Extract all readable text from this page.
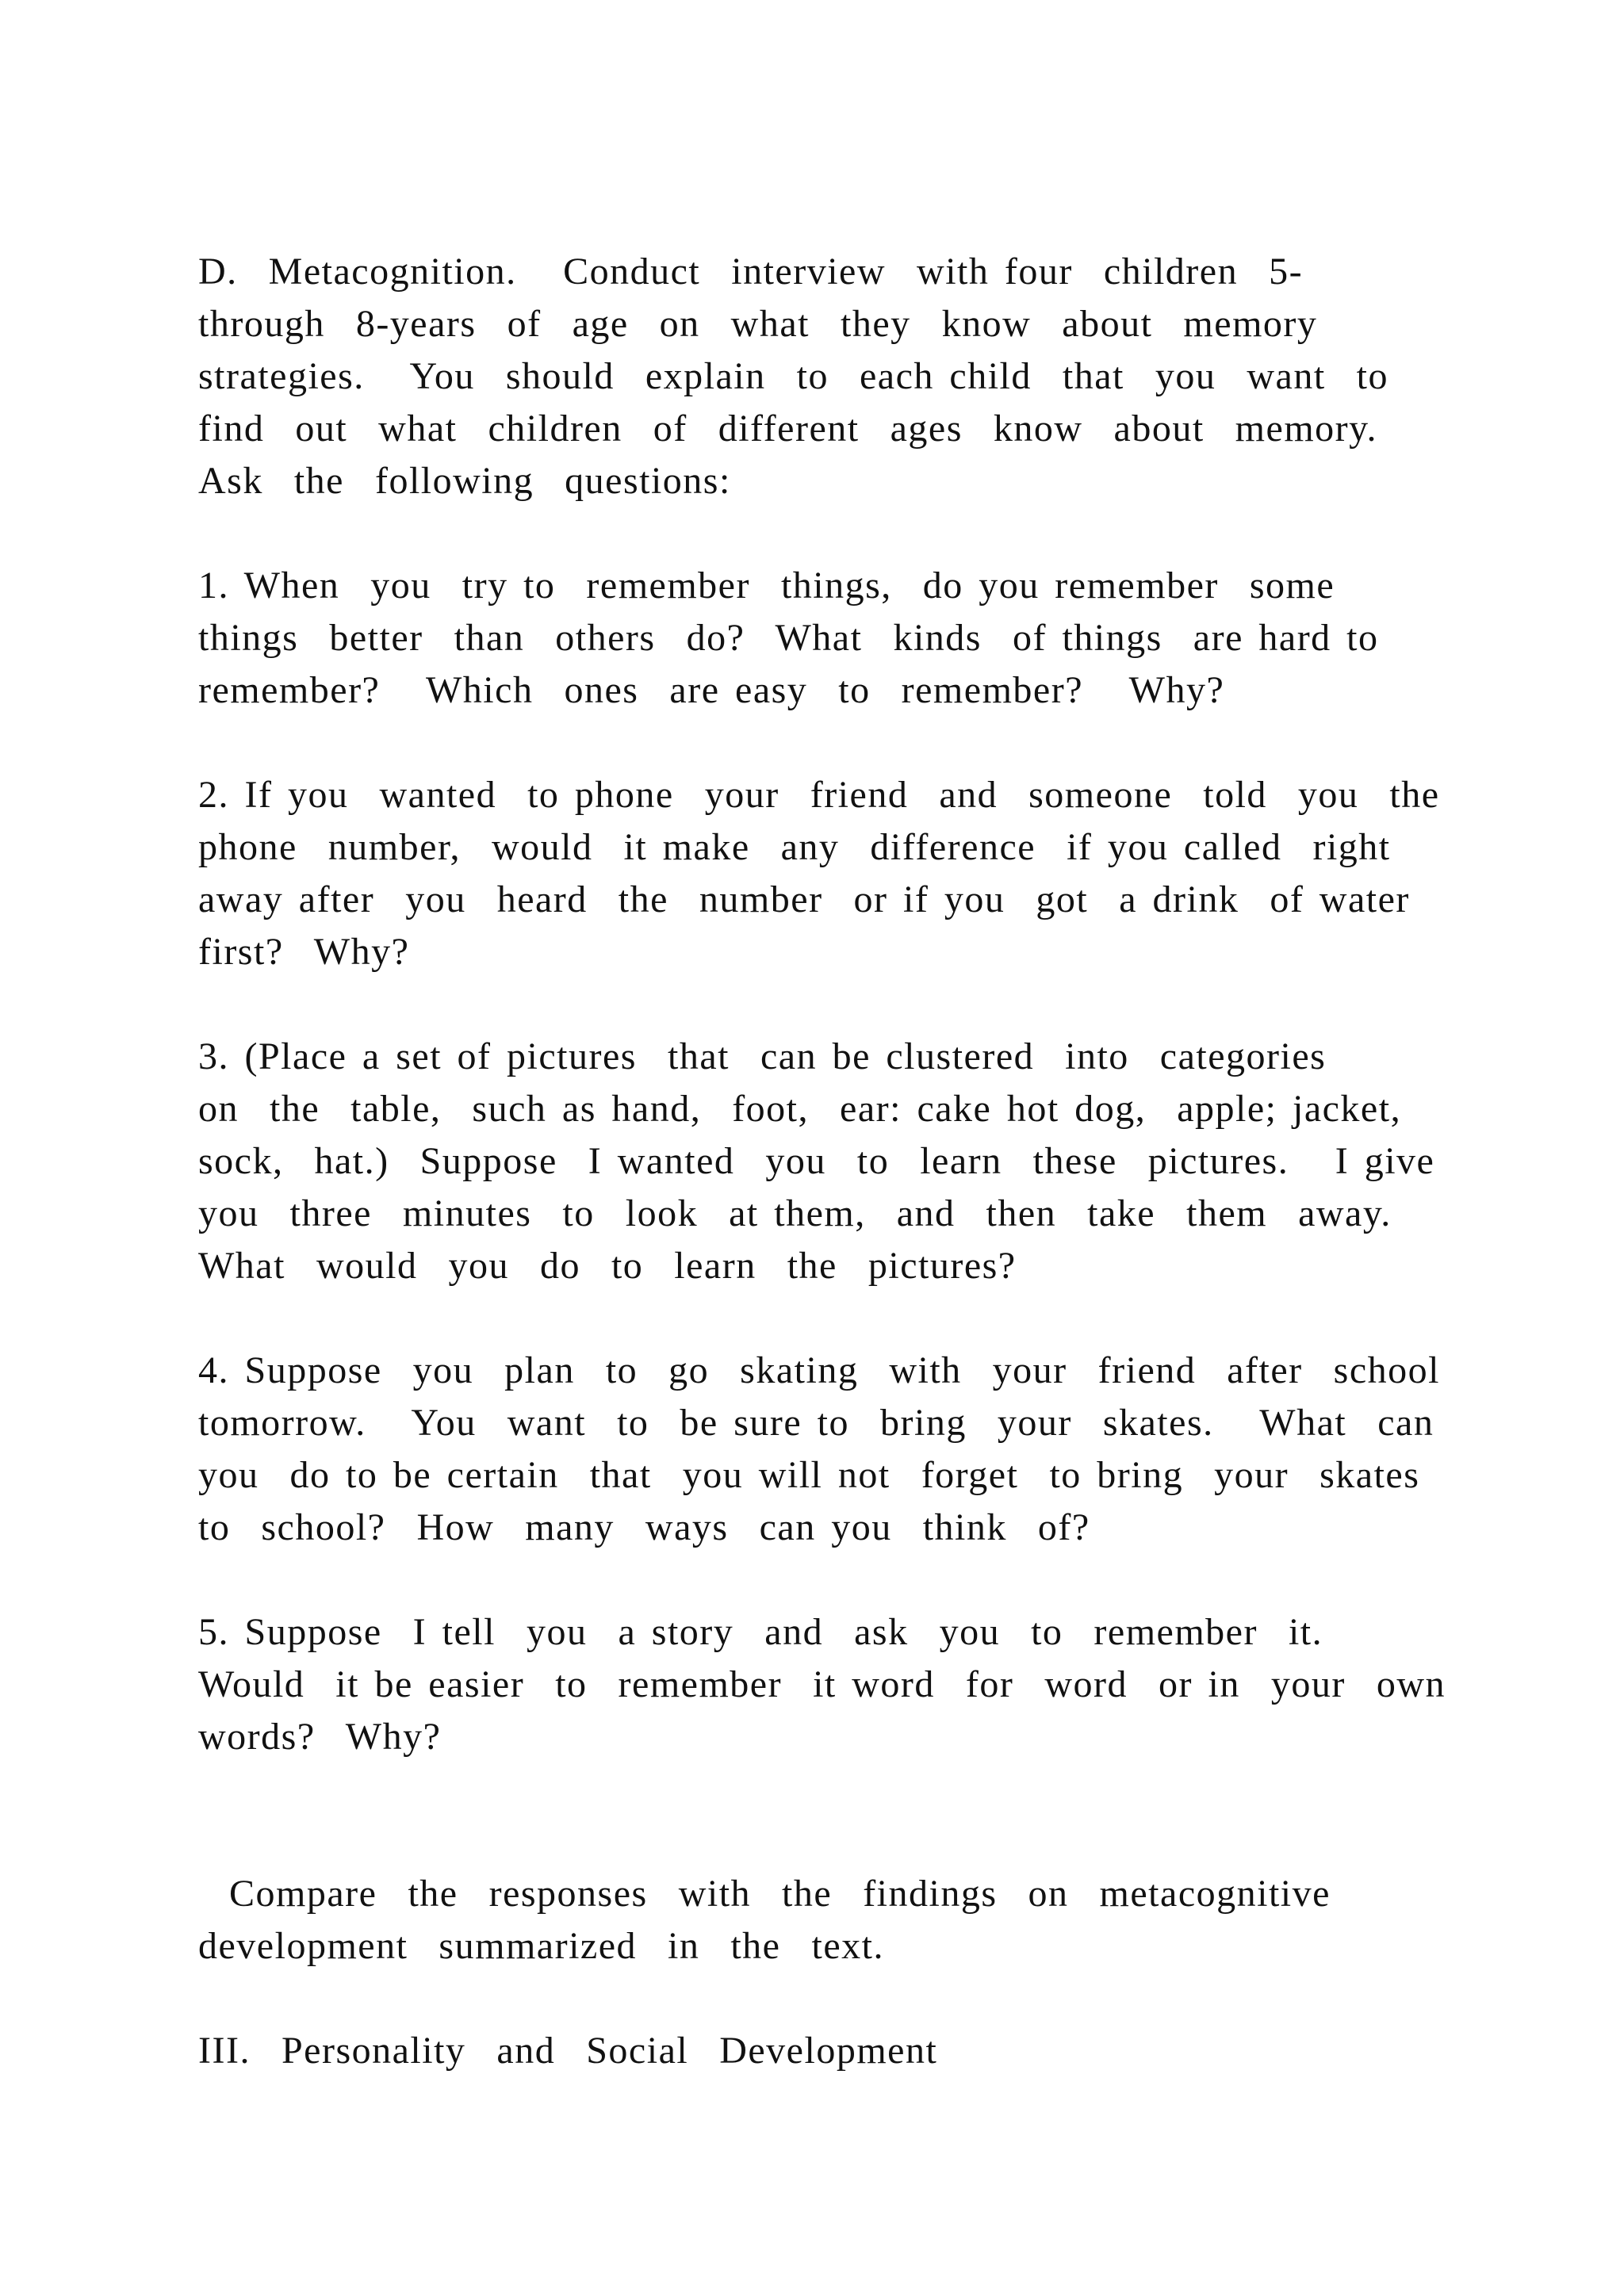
D.  Metacognition.   Conduct  interview  with four  children  5-
through  8-years  of  age  on  what  they  know  about  memory
strategies.   You  should  explain  to  each child  that  you  want  to
find  out  what  children  of  different  ages  know  about  memory.
Ask  the  following  questions:

1. When  you  try to  remember  things,  do you remember  some
things  better  than  others  do?  What  kinds  of things  are hard to
remember?   Which  ones  are easy  to  remember?   Why?

2. If you  wanted  to phone  your  friend  and  someone  told  you  the
phone  number,  would  it make  any  difference  if you called  right
away after  you  heard  the  number  or if you  got  a drink  of water
first?  Why?

3. (Place a set of pictures  that  can be clustered  into  categories
on  the  table,  such as hand,  foot,  ear: cake hot dog,  apple; jacket,
sock,  hat.)  Suppose  I wanted  you  to  learn  these  pictures.   I give
you  three  minutes  to  look  at them,  and  then  take  them  away.
What  would  you  do  to  learn  the  pictures?

4. Suppose  you  plan  to  go  skating  with  your  friend  after  school
tomorrow.   You  want  to  be sure to  bring  your  skates.   What  can
you  do to be certain  that  you will not  forget  to bring  your  skates
to  school?  How  many  ways  can you  think  of?

5. Suppose  I tell  you  a story  and  ask  you  to  remember  it.
Would  it be easier  to  remember  it word  for  word  or in  your  own
words?  Why?

Compare  the  responses  with  the  findings  on  metacognitive
development  summarized  in  the  text.

III.  Personality  and  Social  Development
